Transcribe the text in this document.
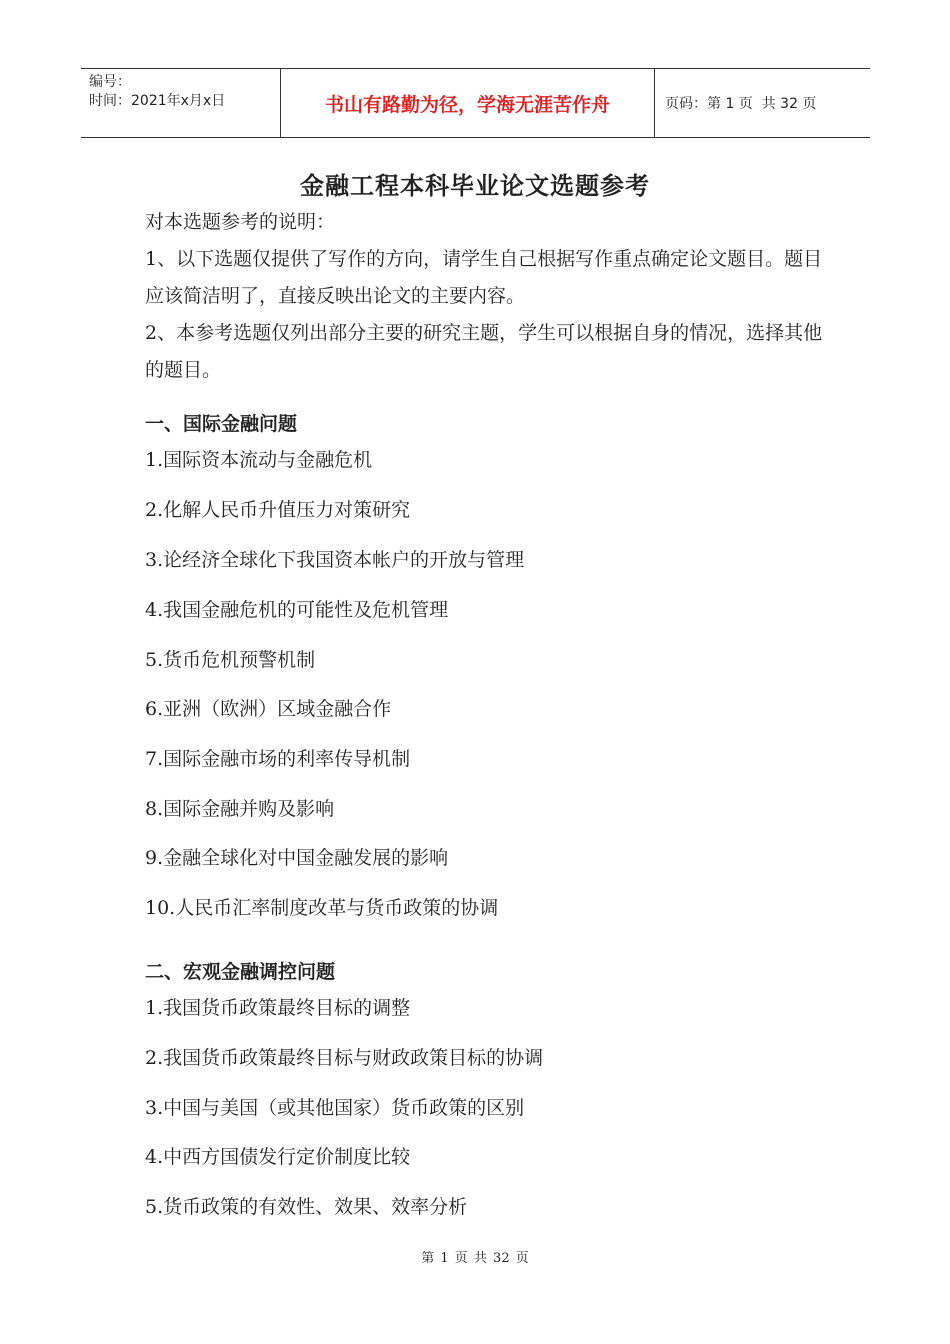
编号：
时间：2021年x月x日	书山有路勤为径，学海无涯苦作舟	页码：第 1 页  共 32 页
金融工程本科毕业论文选题参考
对本选题参考的说明：
1、以下选题仅提供了写作的方向，请学生自己根据写作重点确定论文题目。题目应该简洁明了，直接反映出论文的主要内容。
2、本参考选题仅列出部分主要的研究主题，学生可以根据自身的情况，选择其他的题目。
一、国际金融问题
1.国际资本流动与金融危机
2.化解人民币升值压力对策研究
3.论经济全球化下我国资本帐户的开放与管理
4.我国金融危机的可能性及危机管理
5.货币危机预警机制
6.亚洲（欧洲）区域金融合作
7.国际金融市场的利率传导机制
8.国际金融并购及影响
9.金融全球化对中国金融发展的影响
10.人民币汇率制度改革与货币政策的协调
二、宏观金融调控问题
1.我国货币政策最终目标的调整
2.我国货币政策最终目标与财政政策目标的协调
3.中国与美国（或其他国家）货币政策的区别
4.中西方国债发行定价制度比较
5.货币政策的有效性、效果、效率分析
第 1 页 共 32 页
